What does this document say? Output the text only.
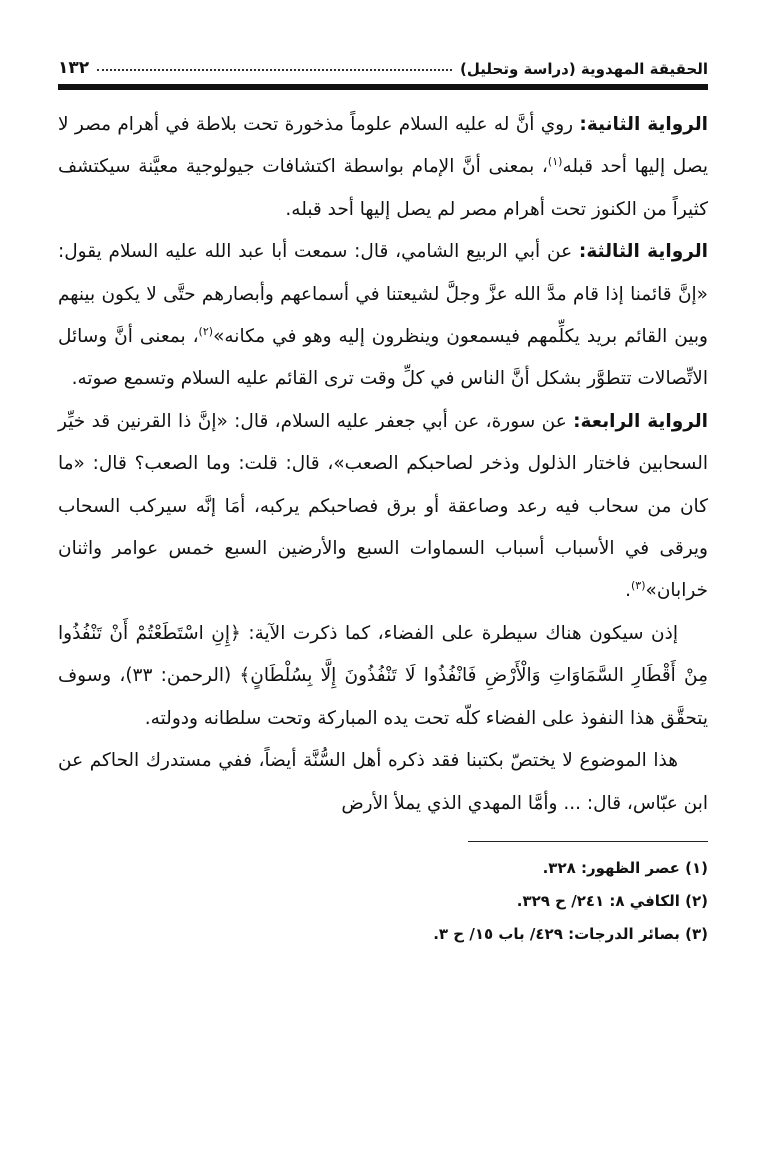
الحقيقة المهدوية (دراسة وتحليل)
١٣٢

الرواية الثانية: روي أنَّ له عليه السلام علوماً مذخورة تحت بلاطة في أهرام مصر لا يصل إليها أحد قبله$^{(١)}$، بمعنى أنَّ الإمام بواسطة اكتشافات جيولوجية معيَّنة سيكتشف كثيراً من الكنوز تحت أهرام مصر لم يصل إليها أحد قبله.

الرواية الثالثة: عن أبي الربيع الشامي، قال: سمعت أبا عبد الله عليه السلام يقول: «إنَّ قائمنا إذا قام مدَّ الله عزَّ وجلَّ لشيعتنا في أسماعهم وأبصارهم حتَّى لا يكون بينهم وبين القائم بريد يكلِّمهم فيسمعون وينظرون إليه وهو في مكانه»$^{(٢)}$، بمعنى أنَّ وسائل الاتِّصالات تتطوَّر بشكل أنَّ الناس في كلِّ وقت ترى القائم عليه السلام وتسمع صوته.

الرواية الرابعة: عن سورة، عن أبي جعفر عليه السلام، قال: «إنَّ ذا القرنين قد خيِّر السحابين فاختار الذلول وذخر لصاحبكم الصعب»، قال: قلت: وما الصعب؟ قال: «ما كان من سحاب فيه رعد وصاعقة أو برق فصاحبكم يركبه، أمَا إنَّه سيركب السحاب ويرقى في الأسباب أسباب السماوات السبع والأرضين السبع خمس عوامر واثنان خرابان»$^{(٣)}$.

إذن سيكون هناك سيطرة على الفضاء، كما ذكرت الآية: ﴿إِنِ اسْتَطَعْتُمْ أَنْ تَنْفُذُوا مِنْ أَقْطَارِ السَّمَاوَاتِ وَالْأَرْضِ فَانْفُذُوا لَا تَنْفُذُونَ إِلَّا بِسُلْطَانٍ﴾ (الرحمن: ٣٣)، وسوف يتحقَّق هذا النفوذ على الفضاء كلّه تحت يده المباركة وتحت سلطانه ودولته.

هذا الموضوع لا يختصّ بكتبنا فقد ذكره أهل السُّنَّة أيضاً، ففي مستدرك الحاكم عن ابن عبّاس، قال: ... وأمَّا المهدي الذي يملأ الأرض

(١) عصر الظهور: ٣٢٨.
(٢) الكافي ٨: ٢٤١/ ح ٣٢٩.
(٣) بصائر الدرجات: ٤٢٩/ باب ١٥/ ح ٣.
